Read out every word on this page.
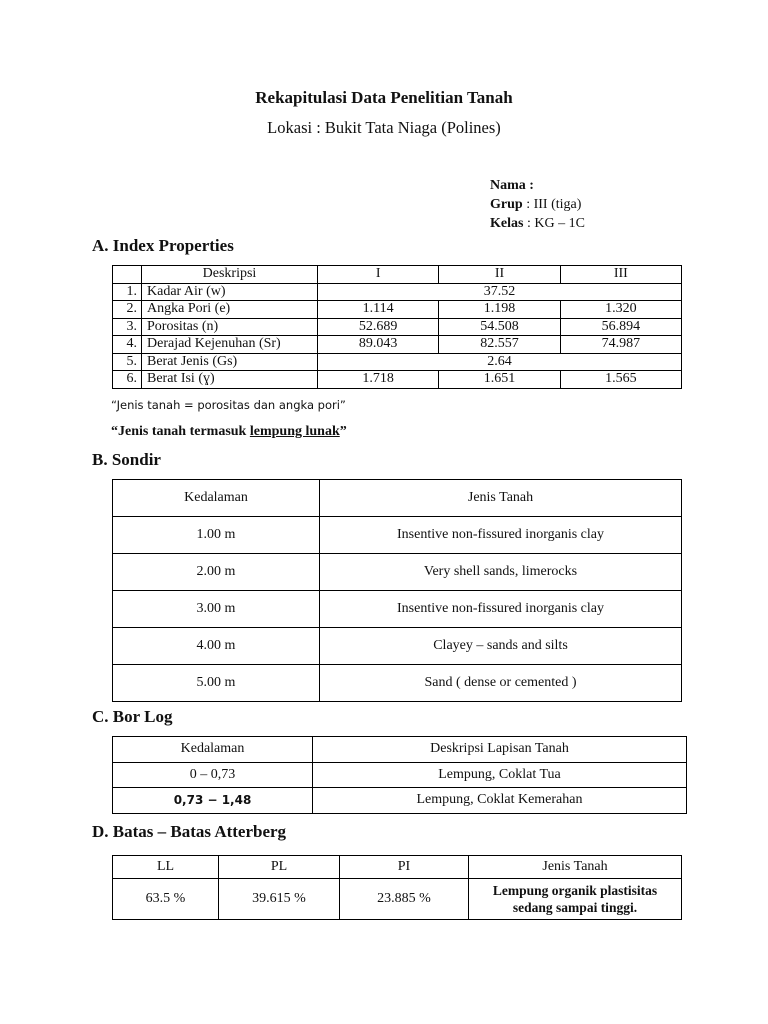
Rekapitulasi Data Penelitian Tanah
Lokasi : Bukit Tata Niaga (Polines)
Nama :
Grup : III (tiga)
Kelas : KG – 1C
A. Index Properties
	Deskripsi	I	II	III
1.	Kadar Air (w)	37.52		
2.	Angka Pori (e)	1.114	1.198	1.320
3.	Porositas (n)	52.689	54.508	56.894
4.	Derajad Kejenuhan (Sr)	89.043	82.557	74.987
5.	Berat Jenis (Gs)	2.64		
6.	Berat Isi (ɣ)	1.718	1.651	1.565
“Jenis tanah = porositas dan angka pori”
“Jenis tanah termasuk lempung lunak”
B. Sondir
Kedalaman	Jenis Tanah
1.00 m	Insentive non-fissured inorganis clay
2.00 m	Very shell sands, limerocks
3.00 m	Insentive non-fissured inorganis clay
4.00 m	Clayey – sands and silts
5.00 m	Sand ( dense or cemented )
C. Bor Log
Kedalaman	Deskripsi Lapisan Tanah
0 – 0,73	Lempung, Coklat Tua
0,73 − 1,48	Lempung, Coklat Kemerahan
D. Batas – Batas Atterberg
LL	PL	PI	Jenis Tanah
63.5 %	39.615 %	23.885 %	Lempung organik plastisitas
sedang sampai tinggi.
